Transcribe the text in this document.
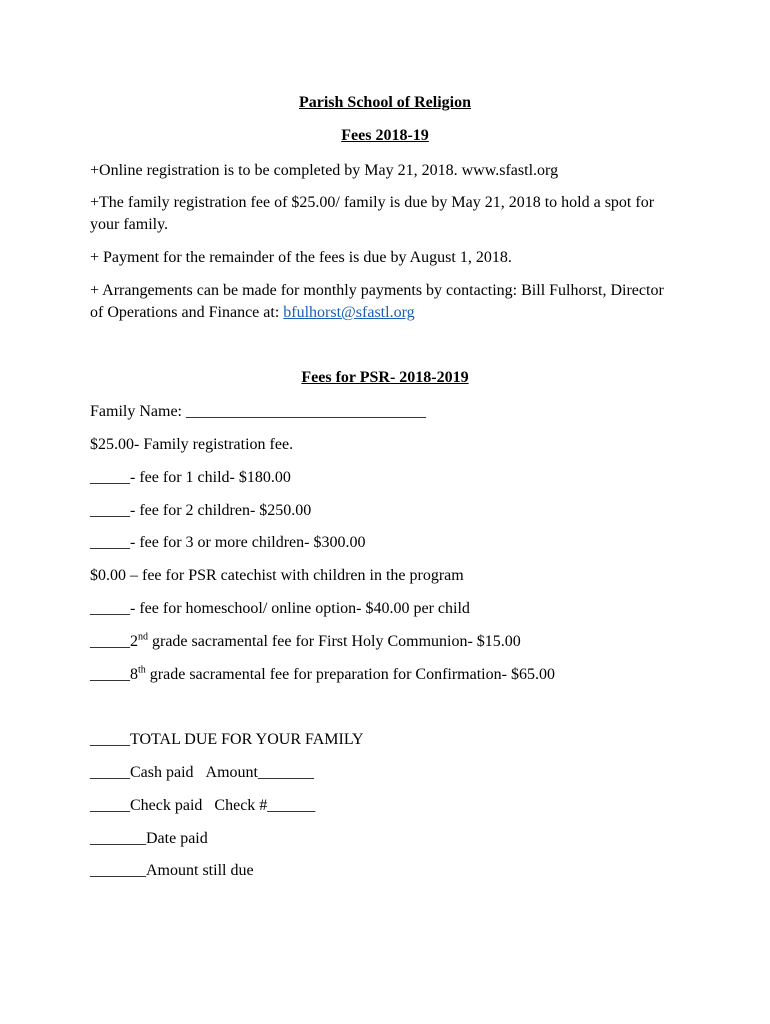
Parish School of Religion
Fees 2018-19
+Online registration is to be completed by May 21, 2018. www.sfastl.org
+The family registration fee of $25.00/ family is due by May 21, 2018 to hold a spot for your family.
+ Payment for the remainder of the fees is due by August 1, 2018.
+ Arrangements can be made for monthly payments by contacting: Bill Fulhorst, Director of Operations and Finance at: bfulhorst@sfastl.org
Fees for PSR- 2018-2019
Family Name: ______________________________
$25.00- Family registration fee.
_____- fee for 1 child- $180.00
_____- fee for 2 children- $250.00
_____- fee for 3 or more children- $300.00
$0.00 – fee for PSR catechist with children in the program
_____- fee for homeschool/ online option- $40.00 per child
_____2nd grade sacramental fee for First Holy Communion- $15.00
_____8th grade sacramental fee for preparation for Confirmation- $65.00
_____TOTAL DUE FOR YOUR FAMILY
_____Cash paid Amount_______
_____Check paid Check #______
_______Date paid
_______Amount still due
